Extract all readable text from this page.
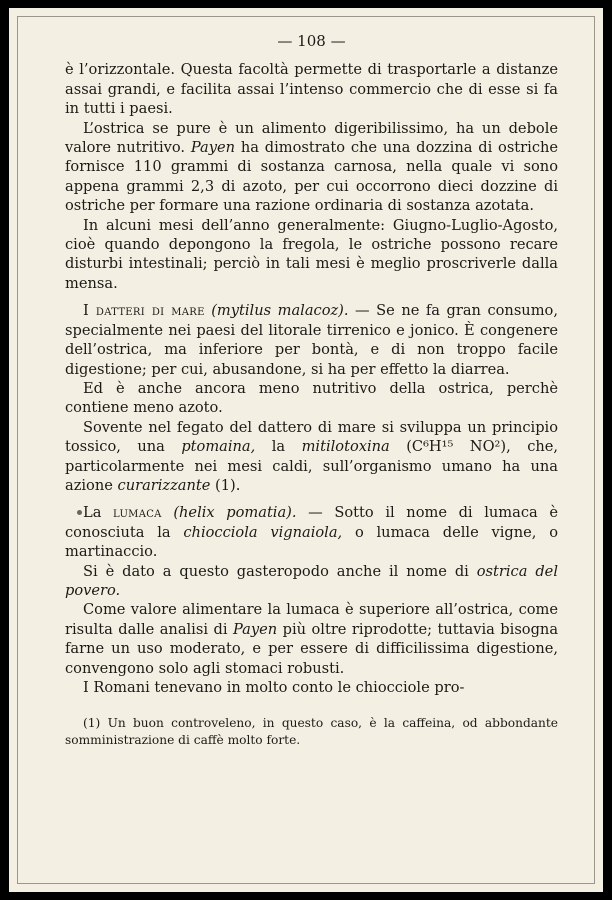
— 108 —

è l’orizzontale. Questa facoltà permette di trasportarle a distanze assai grandi, e facilita assai l’intenso commercio che di esse si fa in tutti i paesi.

L’ostrica se pure è un alimento digeribilissimo, ha un debole valore nutritivo. Payen ha dimostrato che una dozzina di ostriche fornisce 110 grammi di sostanza carnosa, nella quale vi sono appena grammi 2,3 di azoto, per cui occorrono dieci dozzine di ostriche per formare una razione ordinaria di sostanza azotata.

In alcuni mesi dell’anno generalmente: Giugno-Luglio-Agosto, cioè quando depongono la fregola, le ostriche possono recare disturbi intestinali; perciò in tali mesi è meglio proscriverle dalla mensa.

I datteri di mare (mytilus malacoz). — Se ne fa gran consumo, specialmente nei paesi del litorale tirrenico e jonico. È congenere dell’ostrica, ma inferiore per bontà, e di non troppo facile digestione; per cui, abusandone, si ha per effetto la diarrea.

Ed è anche ancora meno nutritivo della ostrica, perchè contiene meno azoto.

Sovente nel fegato del dattero di mare si sviluppa un principio tossico, una ptomaina, la mitilotoxina (C⁶H¹⁵ NO²), che, particolarmente nei mesi caldi, sull’organismo umano ha una azione curarizzante (1).

La lumaca (helix pomatia). — Sotto il nome di lumaca è conosciuta la chiocciola vignaiola, o lumaca delle vigne, o martinaccio.

Si è dato a questo gasteropodo anche il nome di ostrica del povero.

Come valore alimentare la lumaca è superiore all’ostrica, come risulta dalle analisi di Payen più oltre riprodotte; tuttavia bisogna farne un uso moderato, e per essere di difficilissima digestione, convengono solo agli stomaci robusti.

I Romani tenevano in molto conto le chiocciole pro-

(1) Un buon controveleno, in questo caso, è la caffeina, od abbondante somministrazione di caffè molto forte.
